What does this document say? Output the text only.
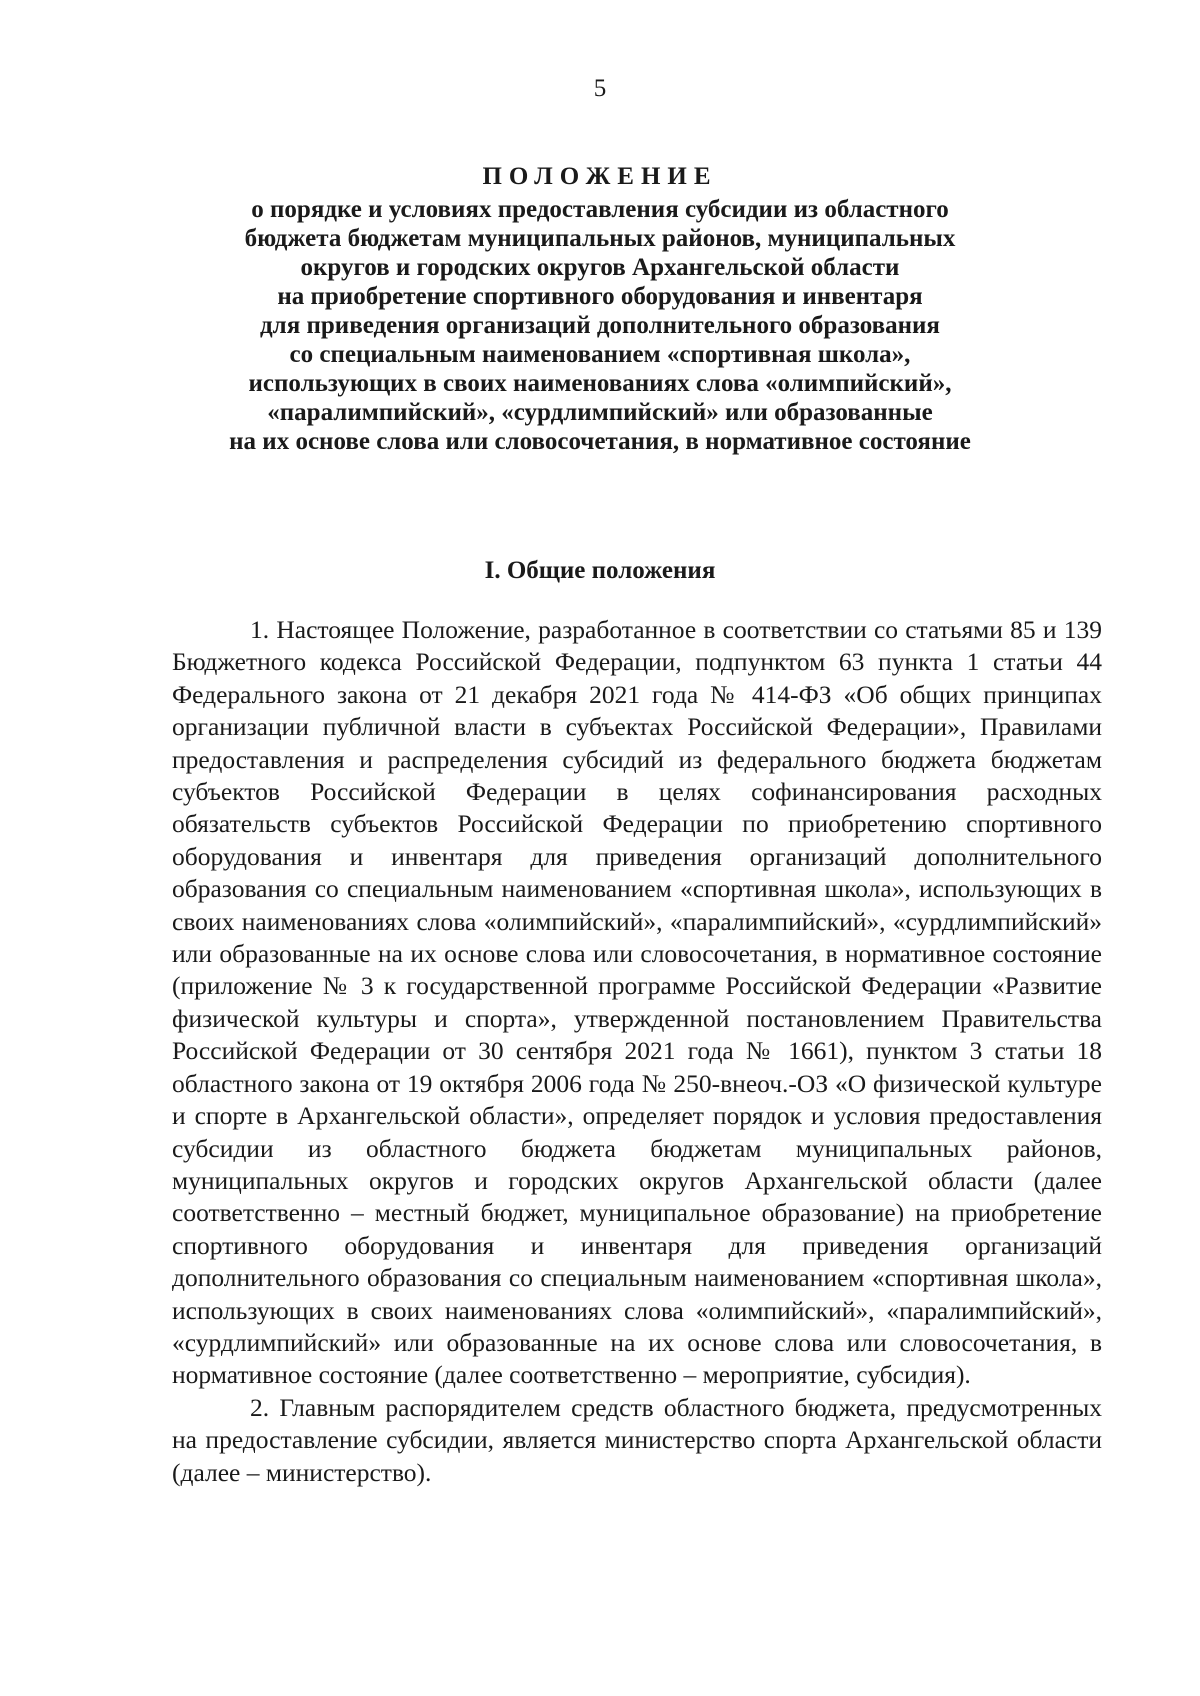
5
ПОЛОЖЕНИЕ
о порядке и условиях предоставления субсидии из областного
бюджета бюджетам муниципальных районов, муниципальных
округов и городских округов Архангельской области
на приобретение спортивного оборудования и инвентаря
для приведения организаций дополнительного образования
со специальным наименованием «спортивная школа»,
использующих в своих наименованиях слова «олимпийский»,
«паралимпийский», «сурдлимпийский» или образованные
на их основе слова или словосочетания, в нормативное состояние
I. Общие положения

1. Настоящее Положение, разработанное в соответствии со статьями 85 и 139 Бюджетного кодекса Российской Федерации, подпунктом 63 пункта 1 статьи 44 Федерального закона от 21 декабря 2021 года № 414-ФЗ «Об общих принципах организации публичной власти в субъектах Российской Федерации», Правилами предоставления и распределения субсидий из федерального бюджета бюджетам субъектов Российской Федерации в целях софинансирования расходных обязательств субъектов Российской Федерации по приобретению спортивного оборудования и инвентаря для приведения организаций дополнительного образования со специальным наименованием «спортивная школа», использующих в своих наименованиях слова «олимпийский», «паралимпийский», «сурдлимпийский» или образованные на их основе слова или словосочетания, в нормативное состояние (приложение № 3 к государственной программе Российской Федерации «Развитие физической культуры и спорта», утвержденной постановлением Правительства Российской Федерации от 30 сентября 2021 года № 1661), пунктом 3 статьи 18 областного закона от 19 октября 2006 года № 250-внеоч.-ОЗ «О физической культуре и спорте в Архангельской области», определяет порядок и условия предоставления субсидии из областного бюджета бюджетам муниципальных районов, муниципальных округов и городских округов Архангельской области (далее соответственно – местный бюджет, муниципальное образование) на приобретение спортивного оборудования и инвентаря для приведения организаций дополнительного образования со специальным наименованием «спортивная школа», использующих в своих наименованиях слова «олимпийский», «паралимпийский», «сурдлимпийский» или образованные на их основе слова или словосочетания, в нормативное состояние (далее соответственно – мероприятие, субсидия).

2. Главным распорядителем средств областного бюджета, предусмотренных на предоставление субсидии, является министерство спорта Архангельской области (далее – министерство).
